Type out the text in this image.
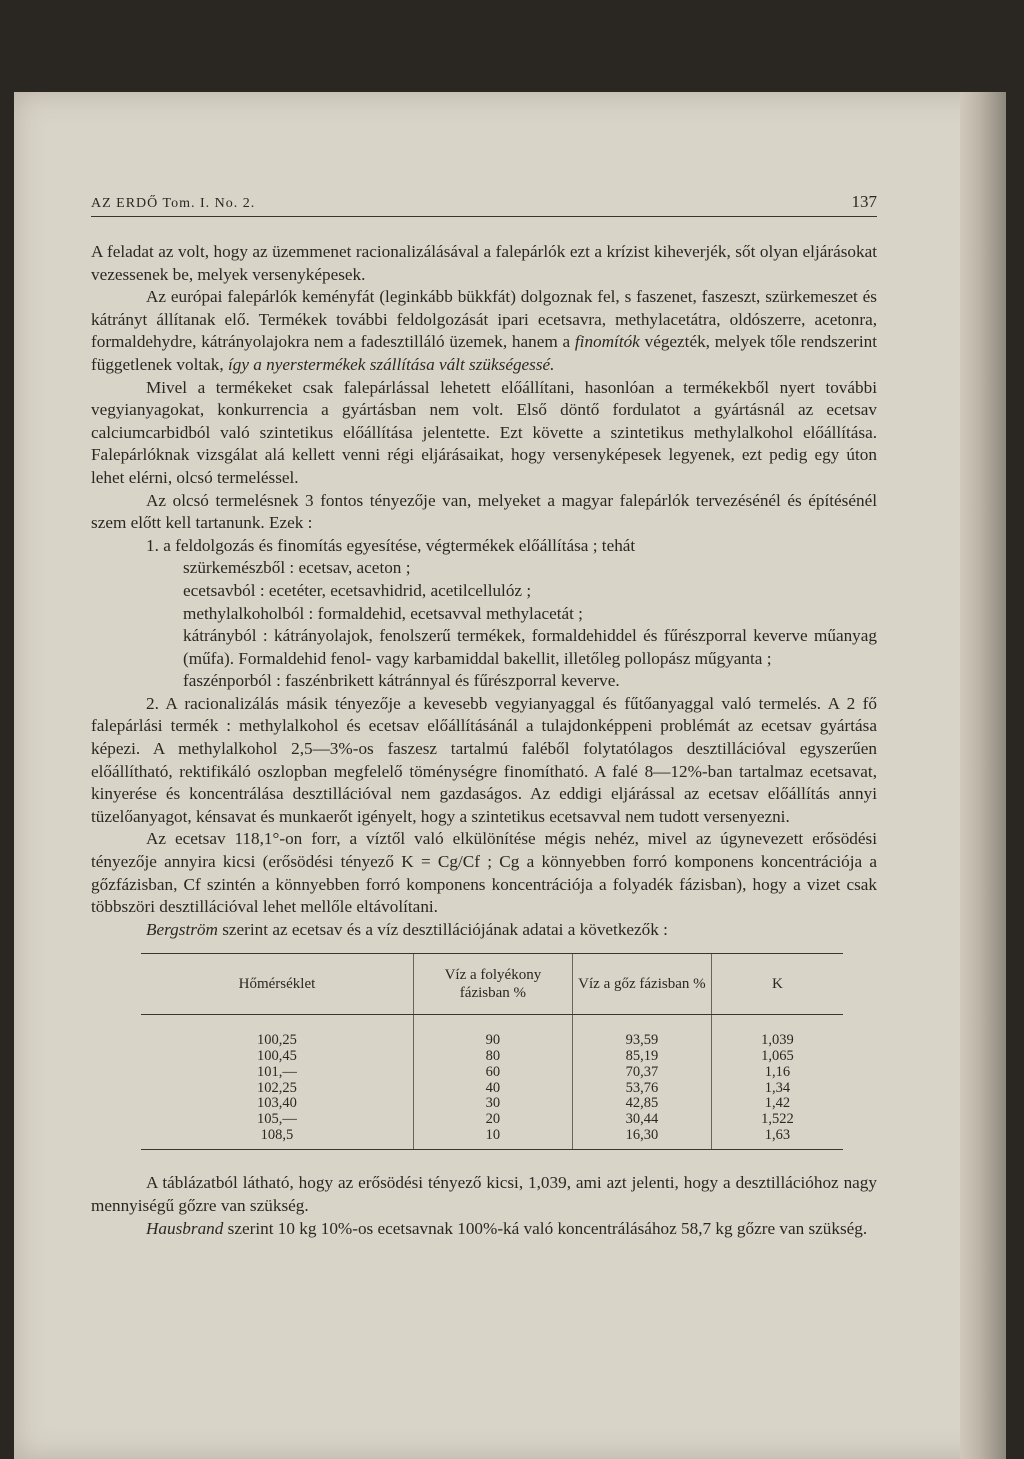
AZ ERDŐ Tom. I. No. 2.	137

A feladat az volt, hogy az üzemmenet racionalizálásával a falepárlók ezt a krízist kiheverjék, sőt olyan eljárásokat vezessenek be, melyek versenyképesek.

Az európai falepárlók keményfát (leginkább bükkfát) dolgoznak fel, s faszenet, faszeszt, szürkemeszet és kátrányt állítanak elő. Termékek további feldolgozását ipari ecetsavra, methylacetátra, oldószerre, acetonra, formaldehydre, kátrányolajokra nem a fadesztilláló üzemek, hanem a finomítók végezték, melyek tőle rendszerint függetlenek voltak, így a nyerstermékek szállítása vált szükségessé.

Mivel a termékeket csak falepárlással lehetett előállítani, hasonlóan a termékekből nyert további vegyianyagokat, konkurrencia a gyártásban nem volt. Első döntő fordulatot a gyártásnál az ecetsav calciumcarbidból való szintetikus előállítása jelentette. Ezt követte a szintetikus methylalkohol előállítása. Falepárlóknak vizsgálat alá kellett venni régi eljárásaikat, hogy versenyképesek legyenek, ezt pedig egy úton lehet elérni, olcsó termeléssel.

Az olcsó termelésnek 3 fontos tényezője van, melyeket a magyar falepárlók tervezésénél és építésénél szem előtt kell tartanunk. Ezek :

1. a feldolgozás és finomítás egyesítése, végtermékek előállítása ; tehát
szürkemészből : ecetsav, aceton ;
ecetsavból : ecetéter, ecetsavhidrid, acetilcellulóz ;
methylalkoholból : formaldehid, ecetsavval methylacetát ;
kátrányból : kátrányolajok, fenolszerű termékek, formaldehiddel és fűrészporral keverve műanyag (műfa). Formaldehid fenol- vagy karbamiddal bakellit, illetőleg pollopász műgyanta ;
faszénporból : faszénbrikett kátránnyal és fűrészporral keverve.

2. A racionalizálás másik tényezője a kevesebb vegyianyaggal és fűtőanyaggal való termelés. A 2 fő falepárlási termék : methylalkohol és ecetsav előállításánál a tulajdonképpeni problémát az ecetsav gyártása képezi. A methylalkohol 2,5—3%-os faszesz tartalmú faléből folytatólagos desztillációval egyszerűen előállítható, rektifikáló oszlopban megfelelő töménységre finomítható. A falé 8—12%-ban tartalmaz ecetsavat, kinyerése és koncentrálása desztillációval nem gazdaságos. Az eddigi eljárással az ecetsav előállítás annyi tüzelőanyagot, kénsavat és munkaerőt igényelt, hogy a szintetikus ecetsavval nem tudott versenyezni.

Az ecetsav 118,1°-on forr, a víztől való elkülönítése mégis nehéz, mivel az úgynevezett erősödési tényezője annyira kicsi (erősödési tényező K = Cg/Cf ; Cg a könnyebben forró komponens koncentrációja a gőzfázisban, Cf szintén a könnyebben forró komponens koncentrációja a folyadék fázisban), hogy a vizet csak többszöri desztillációval lehet mellőle eltávolítani.

Bergström szerint az ecetsav és a víz desztillációjának adatai a következők :

Hőmérséklet	Víz a folyékony fázisban %	Víz a gőz fázisban %	K
100,25	90	93,59	1,039
100,45	80	85,19	1,065
101,—	60	70,37	1,16
102,25	40	53,76	1,34
103,40	30	42,85	1,42
105,—	20	30,44	1,522
108,5	10	16,30	1,63

A táblázatból látható, hogy az erősödési tényező kicsi, 1,039, ami azt jelenti, hogy a desztillációhoz nagy mennyiségű gőzre van szükség.

Hausbrand szerint 10 kg 10%-os ecetsavnak 100%-ká való koncentrálásához 58,7 kg gőzre van szükség.
